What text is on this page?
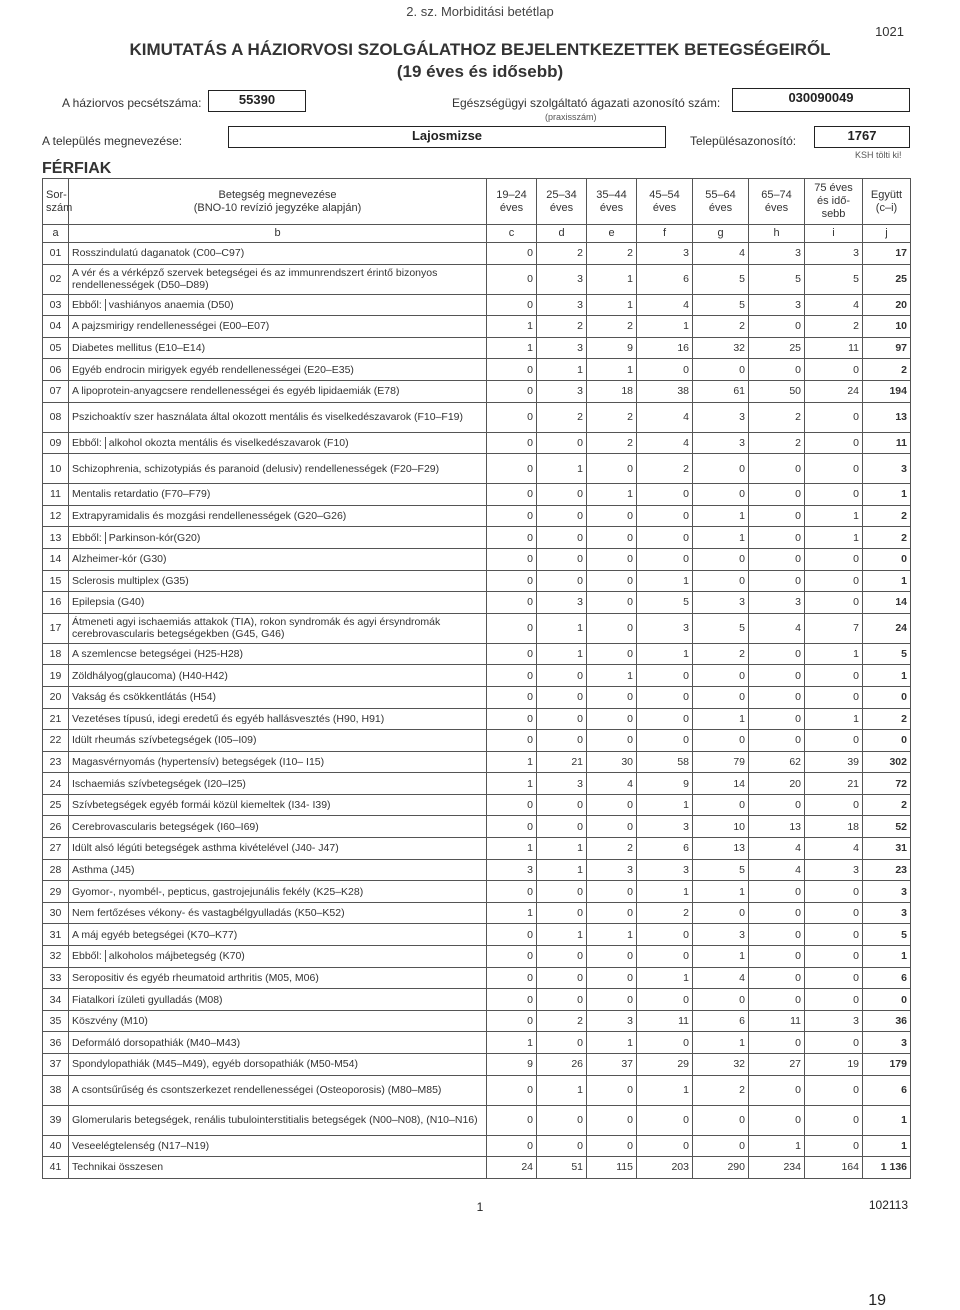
2. sz. Morbiditási betétlap
1021
KIMUTATÁS A HÁZIORVOSI SZOLGÁLATHOZ BEJELENTKEZETTEK BETEGSÉGEIRŐL
(19 éves és idősebb)
A háziorvos pecsétszáma:	55390	Egészségügyi szolgáltató ágazati azonosító szám:
(praxisszám)
030090049
A település megnevezése:	Lajosmizse	Településazonosító:	1767
KSH tölti ki!
FÉRFIAK
Sor-szám	Betegség megnevezése
(BNO-10 revízió jegyzéke alapján)	19–24 éves	25–34 éves	35–44 éves	45–54 éves	55–64 éves	65–74 éves	75 éves és idő-sebb	Együtt (c–i)
a	b	c	d	e	f	g	h	i	j
01	Rosszindulatú daganatok (C00–C97)	0	2	2	3	4	3	3	17
02	A vér és a vérképző szervek betegségei és az immunrendszert érintő bizonyos rendellenességek (D50–D89)	0	3	1	6	5	5	5	25
03	Ebből: vashiányos anaemia (D50)	0	3	1	4	5	3	4	20
04	A pajzsmirigy rendellenességei (E00–E07)	1	2	2	1	2	0	2	10
05	Diabetes mellitus (E10–E14)	1	3	9	16	32	25	11	97
06	Egyéb endrocin mirigyek egyéb rendellenességei (E20–E35)	0	1	1	0	0	0	0	2
07	A lipoprotein-anyagcsere rendellenességei és egyéb lipidaemiák (E78)	0	3	18	38	61	50	24	194
08	Pszichoaktív szer használata által okozott mentális és viselkedészavarok (F10–F19)	0	2	2	4	3	2	0	13
09	Ebből: alkohol okozta mentális és viselkedészavarok (F10)	0	0	2	4	3	2	0	11
10	Schizophrenia, schizotypiás és paranoid (delusiv) rendellenességek (F20–F29)	0	1	0	2	0	0	0	3
11	Mentalis retardatio (F70–F79)	0	0	1	0	0	0	0	1
12	Extrapyramidalis és mozgási rendellenességek (G20–G26)	0	0	0	0	1	0	1	2
13	Ebből: Parkinson-kór(G20)	0	0	0	0	1	0	1	2
14	Alzheimer-kór (G30)	0	0	0	0	0	0	0	0
15	Sclerosis multiplex (G35)	0	0	0	1	0	0	0	1
16	Epilepsia (G40)	0	3	0	5	3	3	0	14
17	Átmeneti agyi ischaemiás attakok (TIA), rokon syndromák és agyi érsyndromák cerebrovascularis betegségekben (G45, G46)	0	1	0	3	5	4	7	24
18	A szemlencse betegségei (H25-H28)	0	1	0	1	2	0	1	5
19	Zöldhályog(glaucoma) (H40-H42)	0	0	1	0	0	0	0	1
20	Vakság és csökkentlátás (H54)	0	0	0	0	0	0	0	0
21	Vezetéses típusú, idegi eredetű és egyéb hallásvesztés (H90, H91)	0	0	0	0	1	0	1	2
22	Idült rheumás szívbetegségek (I05–I09)	0	0	0	0	0	0	0	0
23	Magasvérnyomás (hypertensív) betegségek (I10– I15)	1	21	30	58	79	62	39	302
24	Ischaemiás szívbetegségek (I20–I25)	1	3	4	9	14	20	21	72
25	Szívbetegségek egyéb formái közül kiemeltek (I34- I39)	0	0	0	1	0	0	0	2
26	Cerebrovascularis betegségek (I60–I69)	0	0	0	3	10	13	18	52
27	Idült alsó légúti betegségek asthma kivételével (J40- J47)	1	1	2	6	13	4	4	31
28	Asthma (J45)	3	1	3	3	5	4	3	23
29	Gyomor-, nyombél-, pepticus, gastrojejunális fekély (K25–K28)	0	0	0	1	1	0	0	3
30	Nem fertőzéses vékony- és vastagbélgyulladás (K50–K52)	1	0	0	2	0	0	0	3
31	A máj egyéb betegségei (K70–K77)	0	1	1	0	3	0	0	5
32	Ebből: alkoholos májbetegség (K70)	0	0	0	0	1	0	0	1
33	Seropositiv és egyéb rheumatoid arthritis (M05, M06)	0	0	0	1	4	0	0	6
34	Fiatalkori ízületi gyulladás (M08)	0	0	0	0	0	0	0	0
35	Köszvény (M10)	0	2	3	11	6	11	3	36
36	Deformáló dorsopathiák (M40–M43)	1	0	1	0	1	0	0	3
37	Spondylopathiák (M45–M49), egyéb dorsopathiák (M50-M54)	9	26	37	29	32	27	19	179
38	A csontsűrűség és csontszerkezet rendellenességei (Osteoporosis) (M80–M85)	0	1	0	1	2	0	0	6
39	Glomerularis betegségek, renális tubulointerstitialis betegségek (N00–N08), (N10–N16)	0	0	0	0	0	0	0	1
40	Veseelégtelenség (N17–N19)	0	0	0	0	0	1	0	1
41	Technikai összesen	24	51	115	203	290	234	164	1 136
1	102113
19
